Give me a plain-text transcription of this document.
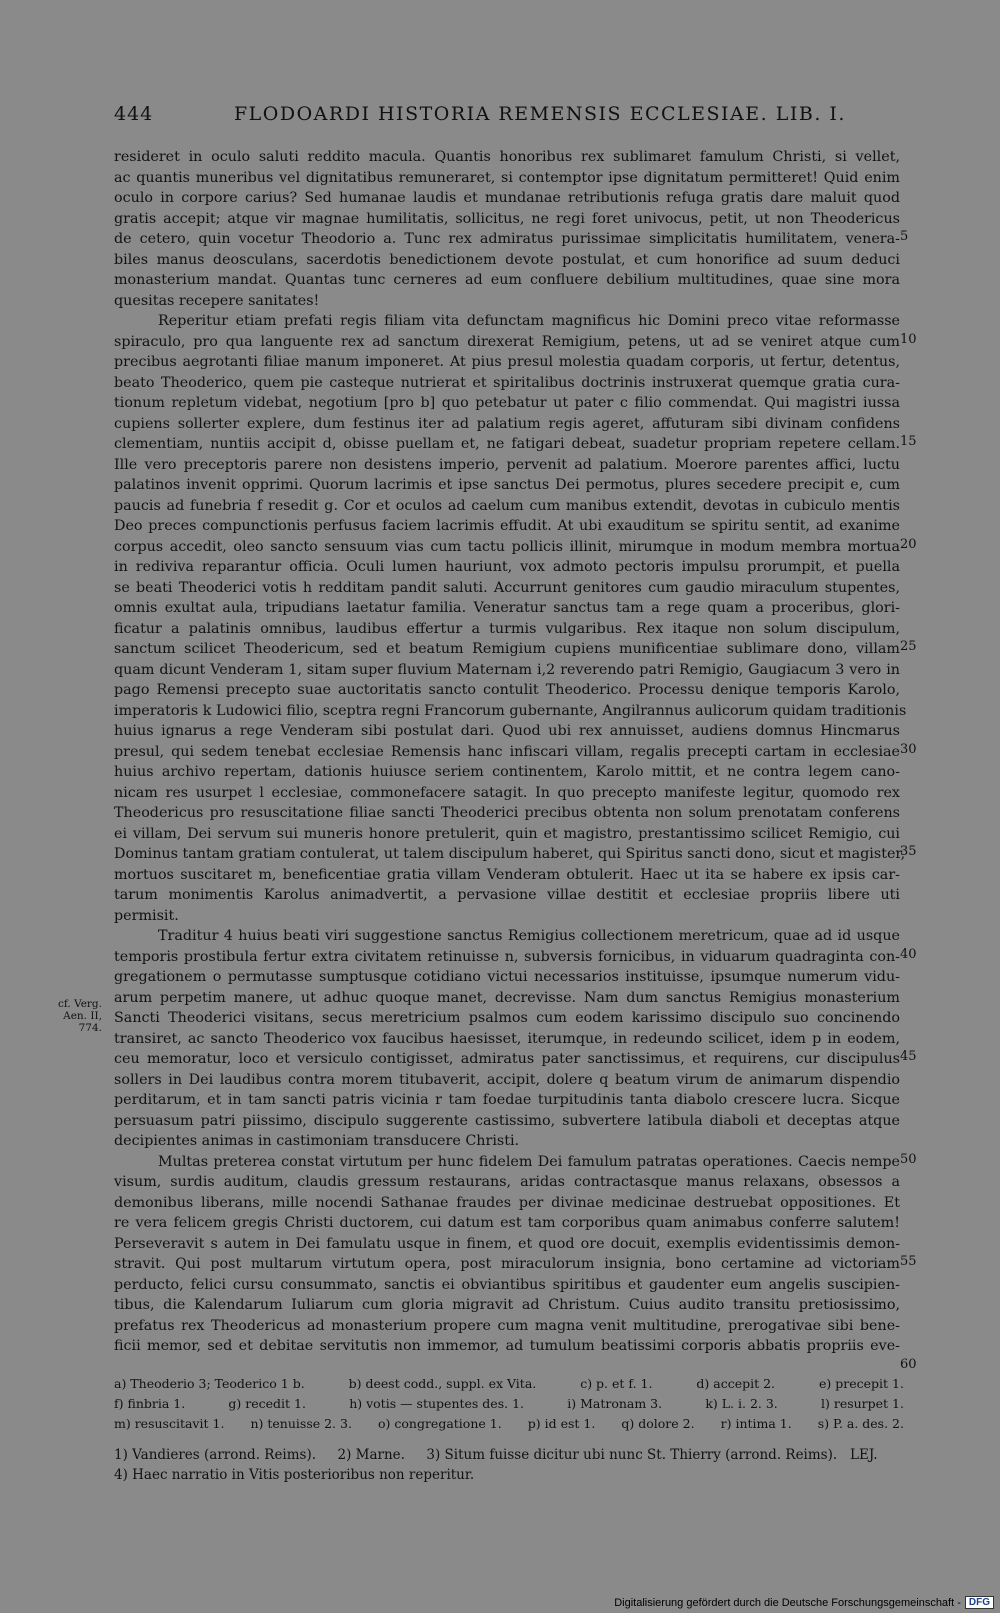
444	FLODOARDI HISTORIA REMENSIS ECCLESIAE. LIB. I.
resideret in oculo saluti reddito macula. Quantis honoribus rex sublimaret famulum Christi, si vellet,
ac quantis muneribus vel dignitatibus remuneraret, si contemptor ipse dignitatum permitteret! Quid enim
oculo in corpore carius? Sed humanae laudis et mundanae retributionis refuga gratis dare maluit quod
gratis accepit; atque vir magnae humilitatis, sollicitus, ne regi foret univocus, petit, ut non Theodericus
de cetero, quin vocetur Theodorio a. Tunc rex admiratus purissimae simplicitatis humilitatem, venera-
biles manus deosculans, sacerdotis benedictionem devote postulat, et cum honorifice ad suum deduci
monasterium mandat. Quantas tunc cerneres ad eum confluere debilium multitudines, quae sine mora
quesitas recepere sanitates!
Reperitur etiam prefati regis filiam vita defunctam magnificus hic Domini preco vitae reformasse
spiraculo, pro qua languente rex ad sanctum direxerat Remigium, petens, ut ad se veniret atque cum
precibus aegrotanti filiae manum imponeret. At pius presul molestia quadam corporis, ut fertur, detentus,
beato Theoderico, quem pie casteque nutrierat et spiritalibus doctrinis instruxerat quemque gratia cura-
tionum repletum videbat, negotium [pro b] quo petebatur ut pater c filio commendat. Qui magistri iussa
cupiens sollerter explere, dum festinus iter ad palatium regis ageret, affuturam sibi divinam confidens
clementiam, nuntiis accipit d, obisse puellam et, ne fatigari debeat, suadetur propriam repetere cellam.
Ille vero preceptoris parere non desistens imperio, pervenit ad palatium. Moerore parentes affici, luctu
palatinos invenit opprimi. Quorum lacrimis et ipse sanctus Dei permotus, plures secedere precipit e, cum
paucis ad funebria f resedit g. Cor et oculos ad caelum cum manibus extendit, devotas in cubiculo mentis
Deo preces compunctionis perfusus faciem lacrimis effudit. At ubi exauditum se spiritu sentit, ad exanime
corpus accedit, oleo sancto sensuum vias cum tactu pollicis illinit, mirumque in modum membra mortua
in rediviva reparantur officia. Oculi lumen hauriunt, vox admoto pectoris impulsu prorumpit, et puella
se beati Theoderici votis h redditam pandit saluti. Accurrunt genitores cum gaudio miraculum stupentes,
omnis exultat aula, tripudians laetatur familia. Veneratur sanctus tam a rege quam a proceribus, glori-
ficatur a palatinis omnibus, laudibus effertur a turmis vulgaribus. Rex itaque non solum discipulum,
sanctum scilicet Theodericum, sed et beatum Remigium cupiens munificentiae sublimare dono, villam
quam dicunt Venderam 1, sitam super fluvium Maternam i,2 reverendo patri Remigio, Gaugiacum 3 vero in
pago Remensi precepto suae auctoritatis sancto contulit Theoderico. Processu denique temporis Karolo,
imperatoris k Ludowici filio, sceptra regni Francorum gubernante, Angilrannus aulicorum quidam traditionis
huius ignarus a rege Venderam sibi postulat dari. Quod ubi rex annuisset, audiens domnus Hincmarus
presul, qui sedem tenebat ecclesiae Remensis hanc infiscari villam, regalis precepti cartam in ecclesiae
huius archivo repertam, dationis huiusce seriem continentem, Karolo mittit, et ne contra legem cano-
nicam res usurpet l ecclesiae, commonefacere satagit. In quo precepto manifeste legitur, quomodo rex
Theodericus pro resuscitatione filiae sancti Theoderici precibus obtenta non solum prenotatam conferens
ei villam, Dei servum sui muneris honore pretulerit, quin et magistro, prestantissimo scilicet Remigio, cui
Dominus tantam gratiam contulerat, ut talem discipulum haberet, qui Spiritus sancti dono, sicut et magister,
mortuos suscitaret m, beneficentiae gratia villam Venderam obtulerit. Haec ut ita se habere ex ipsis car-
tarum monimentis Karolus animadvertit, a pervasione villae destitit et ecclesiae propriis libere uti
permisit.
Traditur 4 huius beati viri suggestione sanctus Remigius collectionem meretricum, quae ad id usque
temporis prostibula fertur extra civitatem retinuisse n, subversis fornicibus, in viduarum quadraginta con-
gregationem o permutasse sumptusque cotidiano victui necessarios instituisse, ipsumque numerum vidu-
arum perpetim manere, ut adhuc quoque manet, decrevisse. Nam dum sanctus Remigius monasterium
Sancti Theoderici visitans, secus meretricium psalmos cum eodem karissimo discipulo suo concinendo
transiret, ac sancto Theoderico vox faucibus haesisset, iterumque, in redeundo scilicet, idem p in eodem,
ceu memoratur, loco et versiculo contigisset, admiratus pater sanctissimus, et requirens, cur discipulus
sollers in Dei laudibus contra morem titubaverit, accipit, dolere q beatum virum de animarum dispendio
perditarum, et in tam sancti patris vicinia r tam foedae turpitudinis tanta diabolo crescere lucra. Sicque
persuasum patri piissimo, discipulo suggerente castissimo, subvertere latibula diaboli et deceptas atque
decipientes animas in castimoniam transducere Christi.
Multas preterea constat virtutum per hunc fidelem Dei famulum patratas operationes. Caecis nempe
visum, surdis auditum, claudis gressum restaurans, aridas contractasque manus relaxans, obsessos a
demonibus liberans, mille nocendi Sathanae fraudes per divinae medicinae destruebat oppositiones. Et
re vera felicem gregis Christi ductorem, cui datum est tam corporibus quam animabus conferre salutem!
Perseveravit s autem in Dei famulatu usque in finem, et quod ore docuit, exemplis evidentissimis demon-
stravit. Qui post multarum virtutum opera, post miraculorum insignia, bono certamine ad victoriam
perducto, felici cursu consummato, sanctis ei obviantibus spiritibus et gaudenter eum angelis suscipien-
tibus, die Kalendarum Iuliarum cum gloria migravit ad Christum. Cuius audito transitu pretiosissimo,
prefatus rex Theodericus ad monasterium propere cum magna venit multitudine, prerogativae sibi bene-
ficii memor, sed et debitae servitutis non immemor, ad tumulum beatissimi corporis abbatis propriis eve-
5
10
15
20
25
30
35
40
45
50
55
60
cf. Verg.
Aen. II, 774.
a) Theoderio 3; Teoderico 1 b.	b) deest codd., suppl. ex Vita.	c) p. et f. 1.	d) accepit 2.	e) precepit 1.
f) finbria 1.	g) recedit 1.	h) votis — stupentes des. 1.	i) Matronam 3.	k) L. i. 2. 3.	l) resurpet 1.
m) resuscitavit 1. n) tenuisse 2. 3. o) congregatione 1. p) id est 1. q) dolore 2. r) intima 1. s) P. a. des. 2.
1) Vandieres (arrond. Reims).     2) Marne.     3) Situm fuisse dicitur ubi nunc St. Thierry (arrond. Reims).   LEJ.
4) Haec narratio in Vitis posterioribus non reperitur.
Digitalisierung gefördert durch die Deutsche Forschungsgemeinschaft - DFG
